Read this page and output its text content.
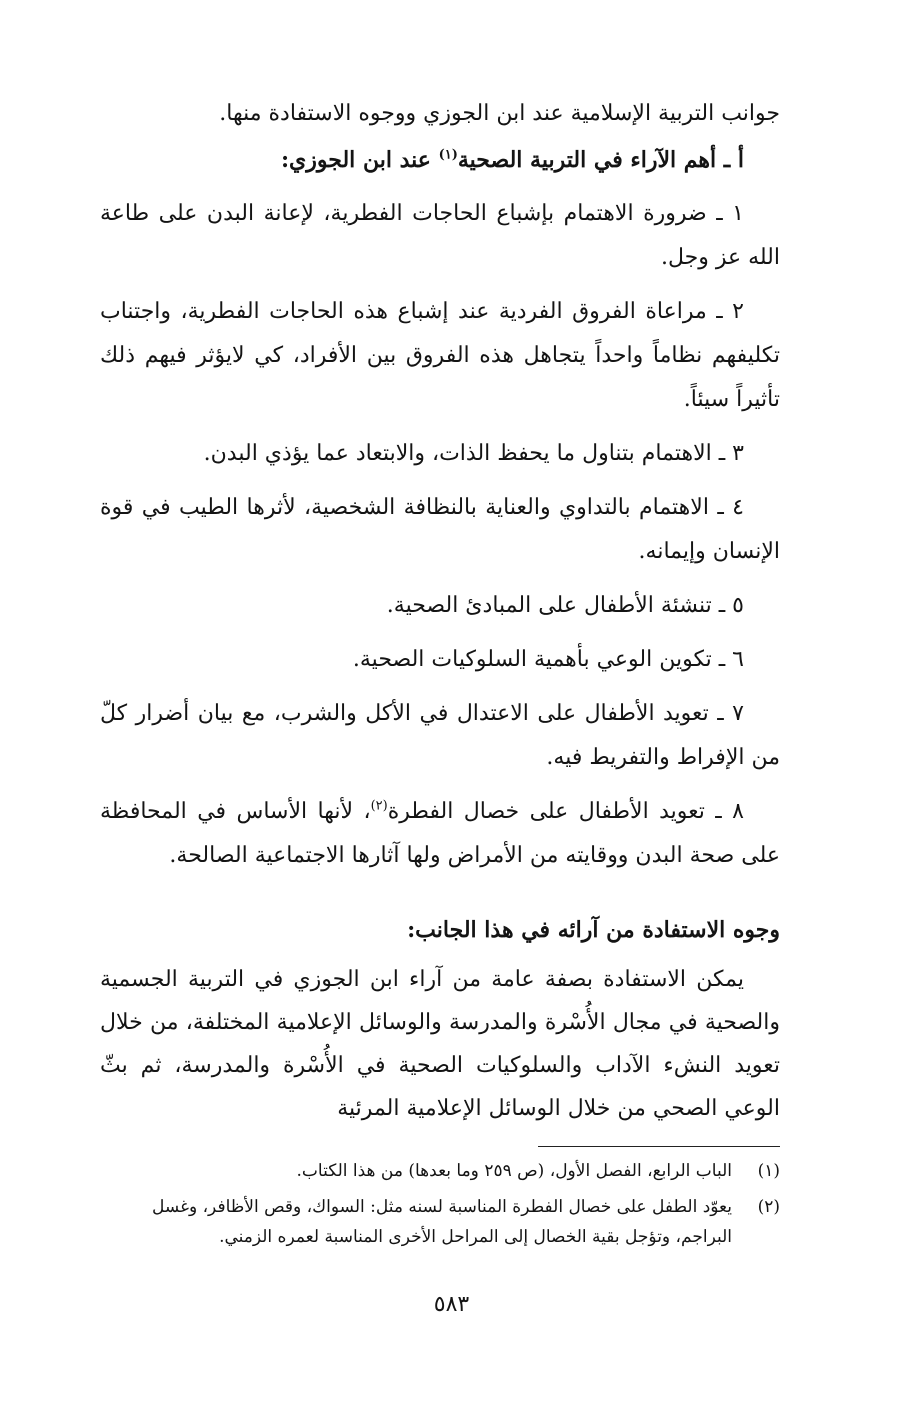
جوانب التربية الإسلامية عند ابن الجوزي ووجوه الاستفادة منها.

أ ـ أهم الآراء في التربية الصحية$^{(١)}$ عند ابن الجوزي:

١ ـ ضرورة الاهتمام بإشباع الحاجات الفطرية، لإعانة البدن على طاعة الله عز وجل.

٢ ـ مراعاة الفروق الفردية عند إشباع هذه الحاجات الفطرية، واجتناب تكليفهم نظاماً واحداً يتجاهل هذه الفروق بين الأفراد، كي لايؤثر فيهم ذلك تأثيراً سيئاً.

٣ ـ الاهتمام بتناول ما يحفظ الذات، والابتعاد عما يؤذي البدن.

٤ ـ الاهتمام بالتداوي والعناية بالنظافة الشخصية، لأثرها الطيب في قوة الإنسان وإيمانه.

٥ ـ تنشئة الأطفال على المبادئ الصحية.

٦ ـ تكوين الوعي بأهمية السلوكيات الصحية.

٧ ـ تعويد الأطفال على الاعتدال في الأكل والشرب، مع بيان أضرار كلّ من الإفراط والتفريط فيه.

٨ ـ تعويد الأطفال على خصال الفطرة$^{(٢)}$، لأنها الأساس في المحافظة على صحة البدن ووقايته من الأمراض ولها آثارها الاجتماعية الصالحة.

وجوه الاستفادة من آرائه في هذا الجانب:

يمكن الاستفادة بصفة عامة من آراء ابن الجوزي في التربية الجسمية والصحية في مجال الأُسْرة والمدرسة والوسائل الإعلامية المختلفة، من خلال تعويد النشء الآداب والسلوكيات الصحية في الأُسْرة والمدرسة، ثم بثّ الوعي الصحي من خلال الوسائل الإعلامية المرئية

(١)
الباب الرابع، الفصل الأول، (ص ٢٥٩ وما بعدها) من هذا الكتاب.

(٢)
يعوّد الطفل على خصال الفطرة المناسبة لسنه مثل: السواك، وقص الأظافر، وغسل البراجم، وتؤجل بقية الخصال إلى المراحل الأخرى المناسبة لعمره الزمني.

٥٨٣
